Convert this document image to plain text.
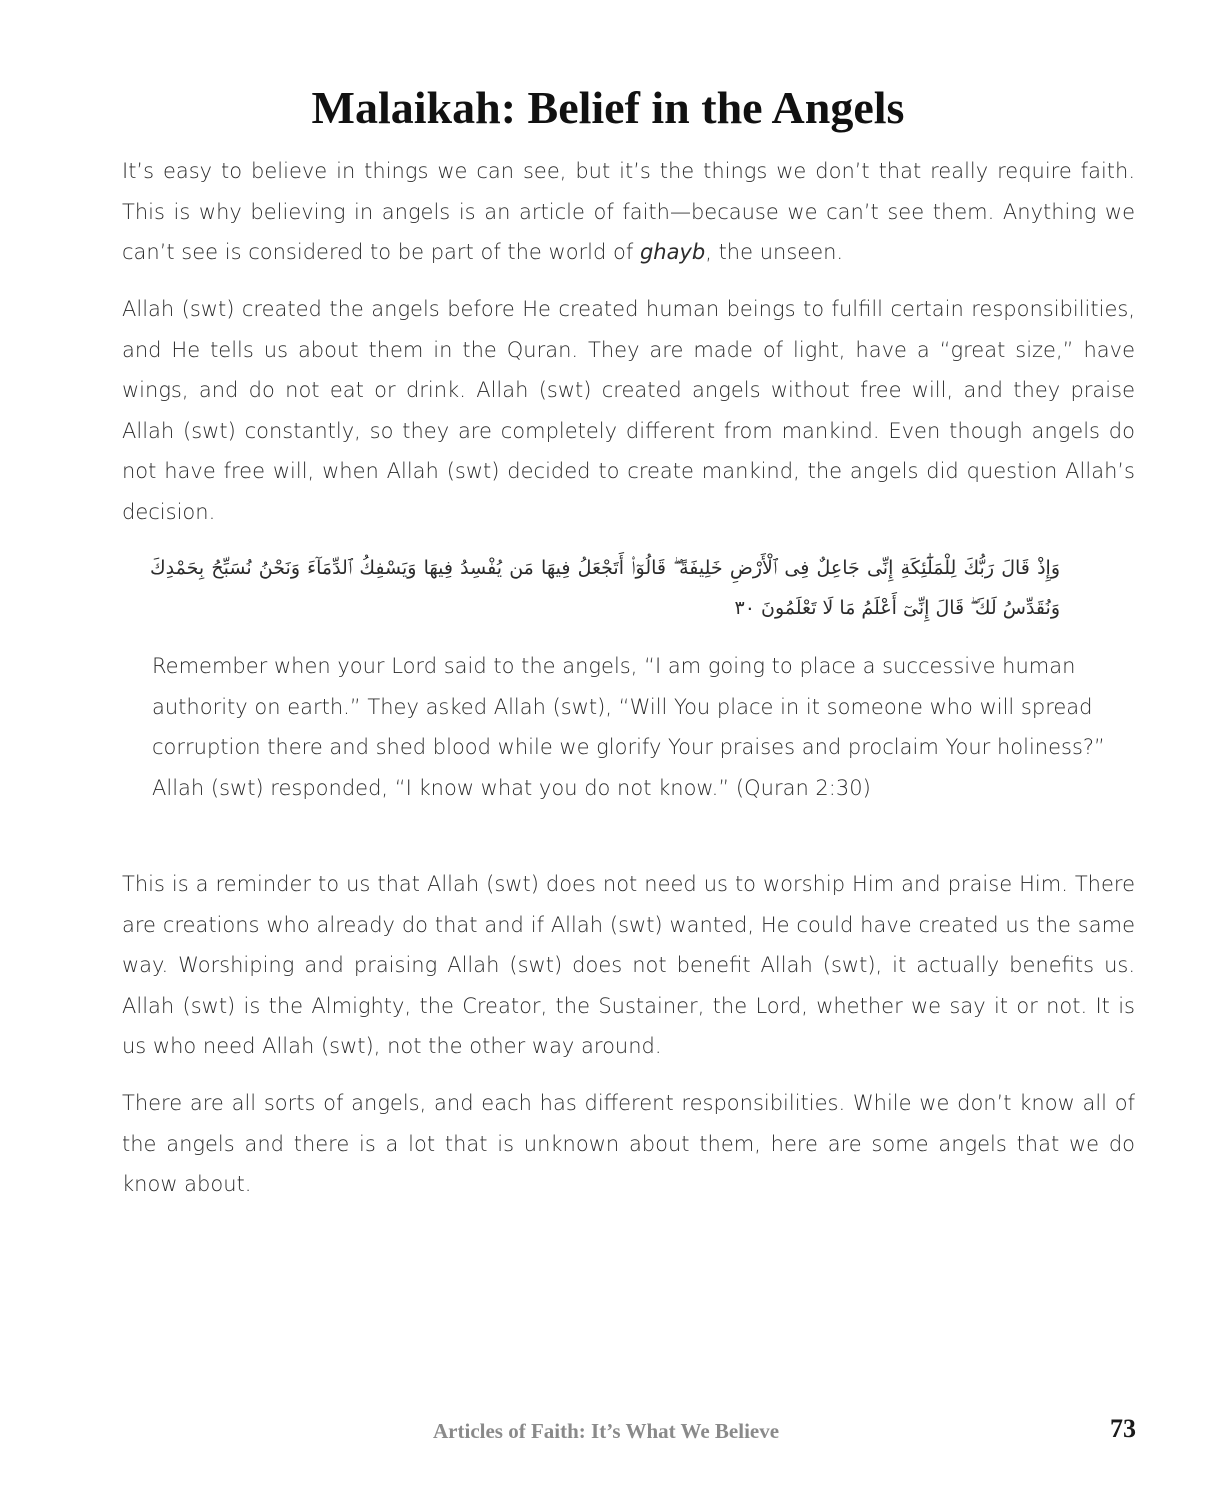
Malaikah: Belief in the Angels

It’s easy to believe in things we can see, but it’s the things we don’t that really require faith. This is why believing in angels is an article of faith—because we can’t see them. Anything we can’t see is considered to be part of the world of ghayb, the unseen.

Allah (swt) created the angels before He created human beings to fulfill certain responsibilities, and He tells us about them in the Quran. They are made of light, have a “great size,” have wings, and do not eat or drink. Allah (swt) created angels without free will, and they praise Allah (swt) constantly, so they are completely different from mankind. Even though angels do not have free will, when Allah (swt) decided to create mankind, the angels did question Allah’s decision.

وَإِذْ قَالَ رَبُّكَ لِلْمَلَٰٓئِكَةِ إِنِّى جَاعِلٌ فِى ٱلْأَرْضِ خَلِيفَةً ۖ قَالُوٓا۟ أَتَجْعَلُ فِيهَا مَن يُفْسِدُ فِيهَا وَيَسْفِكُ ٱلدِّمَآءَ وَنَحْنُ نُسَبِّحُ بِحَمْدِكَ وَنُقَدِّسُ لَكَ ۖ قَالَ إِنِّىٓ أَعْلَمُ مَا لَا تَعْلَمُونَ ٣٠

Remember when your Lord said to the angels, “I am going to place a successive human authority on earth.” They asked Allah (swt), “Will You place in it someone who will spread corruption there and shed blood while we glorify Your praises and proclaim Your holiness?” Allah (swt) responded, “I know what you do not know.” (Quran 2:30)

This is a reminder to us that Allah (swt) does not need us to worship Him and praise Him. There are creations who already do that and if Allah (swt) wanted, He could have created us the same way. Worshiping and praising Allah (swt) does not benefit Allah (swt), it actually benefits us. Allah (swt) is the Almighty, the Creator, the Sustainer, the Lord, whether we say it or not. It is us who need Allah (swt), not the other way around.

There are all sorts of angels, and each has different responsibilities. While we don’t know all of the angels and there is a lot that is unknown about them, here are some angels that we do know about.

Articles of Faith: It’s What We Believe	73
